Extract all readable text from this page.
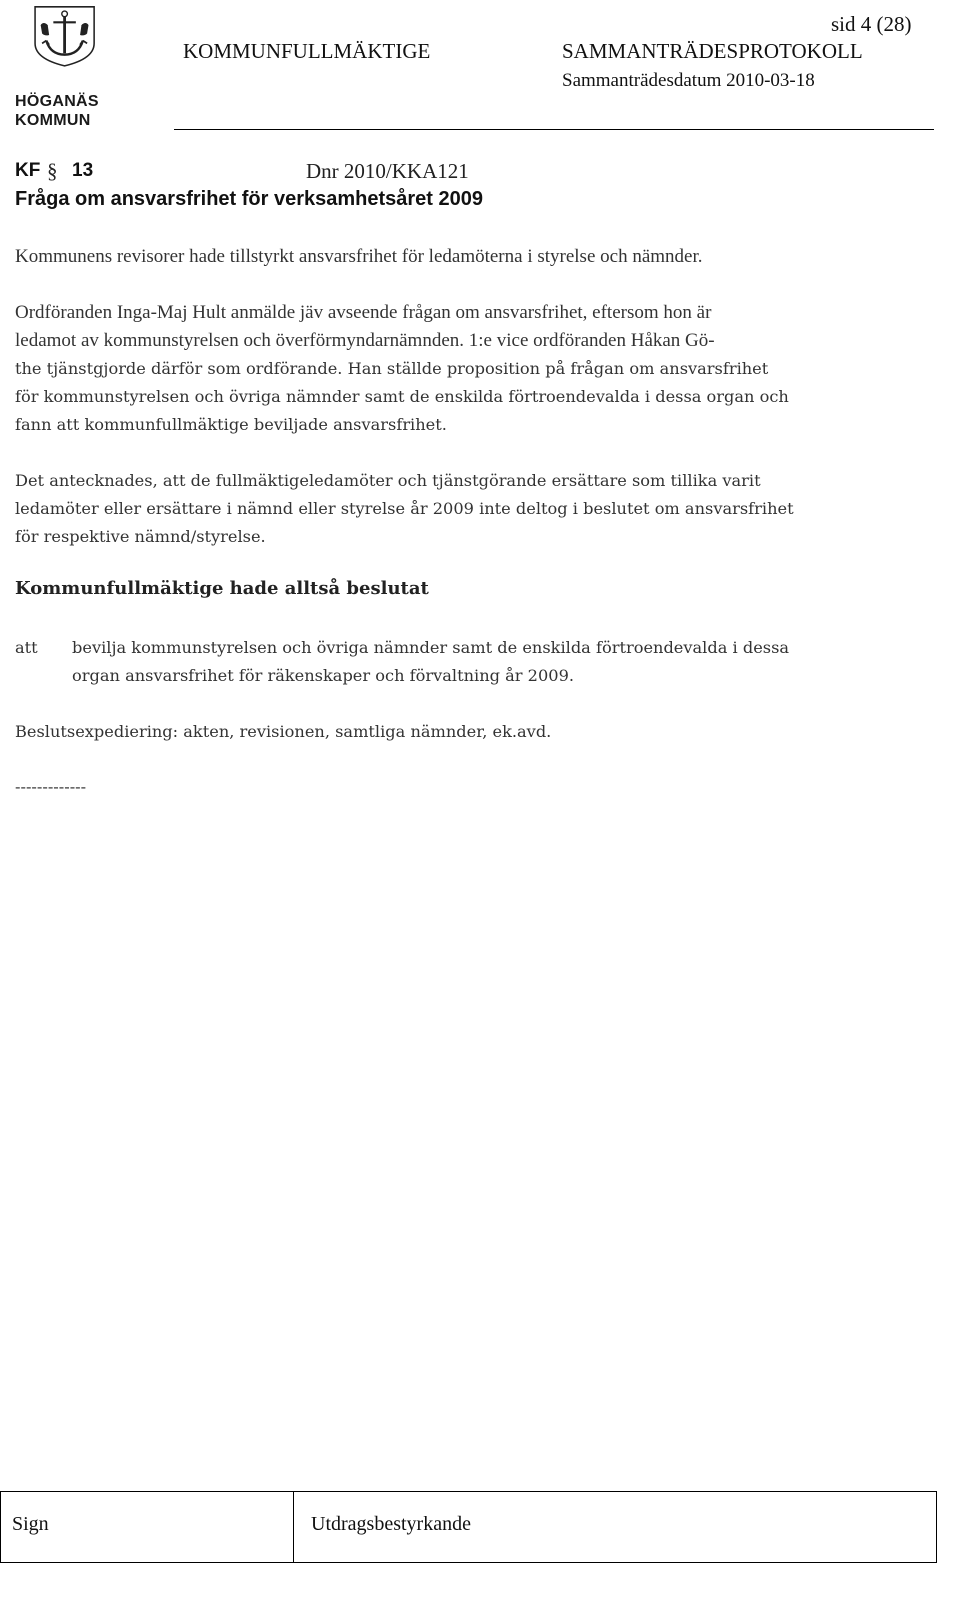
HÖGANÄS
KOMMUN
sid 4 (28)
KOMMUNFULLMÄKTIGE	SAMMANTRÄDESPROTOKOLL
Sammanträdesdatum 2010-03-18
KF § 13	Dnr 2010/KKA121
Fråga om ansvarsfrihet för verksamhetsåret 2009
Kommunens revisorer hade tillstyrkt ansvarsfrihet för ledamöterna i styrelse och nämnder.
Ordföranden Inga-Maj Hult anmälde jäv avseende frågan om ansvarsfrihet, eftersom hon är
ledamot av kommunstyrelsen och överförmyndarnämnden. 1:e vice ordföranden Håkan Gö-
the tjänstgjorde därför som ordförande. Han ställde proposition på frågan om ansvarsfrihet
för kommunstyrelsen och övriga nämnder samt de enskilda förtroendevalda i dessa organ och
fann att kommunfullmäktige beviljade ansvarsfrihet.
Det antecknades, att de fullmäktigeledamöter och tjänstgörande ersättare som tillika varit
ledamöter eller ersättare i nämnd eller styrelse år 2009 inte deltog i beslutet om ansvarsfrihet
för respektive nämnd/styrelse.
Kommunfullmäktige hade alltså beslutat
att bevilja kommunstyrelsen och övriga nämnder samt de enskilda förtroendevalda i dessa
organ ansvarsfrihet för räkenskaper och förvaltning år 2009.
Beslutsexpediering: akten, revisionen, samtliga nämnder, ek.avd.
-------------
Sign	Utdragsbestyrkande
